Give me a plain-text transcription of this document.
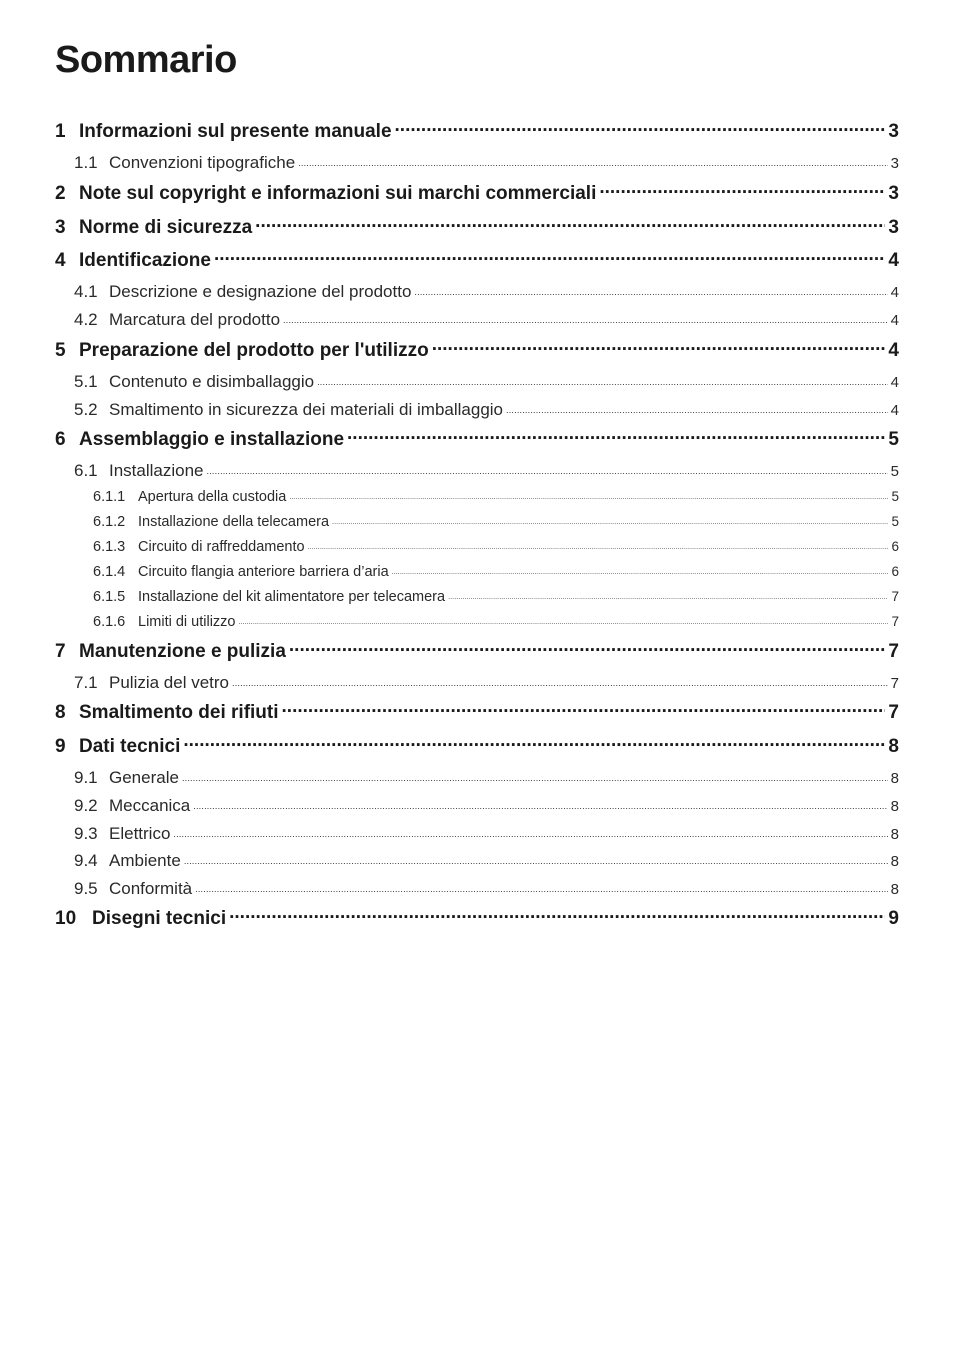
Sommario
1 Informazioni sul presente manuale .....	3
1.1 Convenzioni tipografiche .....	3
2 Note sul copyright e informazioni sui marchi commerciali .....	3
3 Norme di sicurezza .....	3
4 Identificazione .....	4
4.1 Descrizione e designazione del prodotto .....	4
4.2 Marcatura del prodotto .....	4
5 Preparazione del prodotto per l'utilizzo .....	4
5.1 Contenuto e disimballaggio .....	4
5.2 Smaltimento in sicurezza dei materiali di imballaggio .....	4
6 Assemblaggio e installazione .....	5
6.1 Installazione .....	5
6.1.1 Apertura della custodia .....	5
6.1.2 Installazione della telecamera .....	5
6.1.3 Circuito di raffreddamento .....	6
6.1.4 Circuito flangia anteriore barriera d’aria .....	6
6.1.5 Installazione del kit alimentatore per telecamera .....	7
6.1.6 Limiti di utilizzo .....	7
7 Manutenzione e pulizia .....	7
7.1 Pulizia del vetro .....	7
8 Smaltimento dei rifiuti .....	7
9 Dati tecnici .....	8
9.1 Generale .....	8
9.2 Meccanica .....	8
9.3 Elettrico .....	8
9.4 Ambiente .....	8
9.5 Conformità .....	8
10 Disegni tecnici .....	9
